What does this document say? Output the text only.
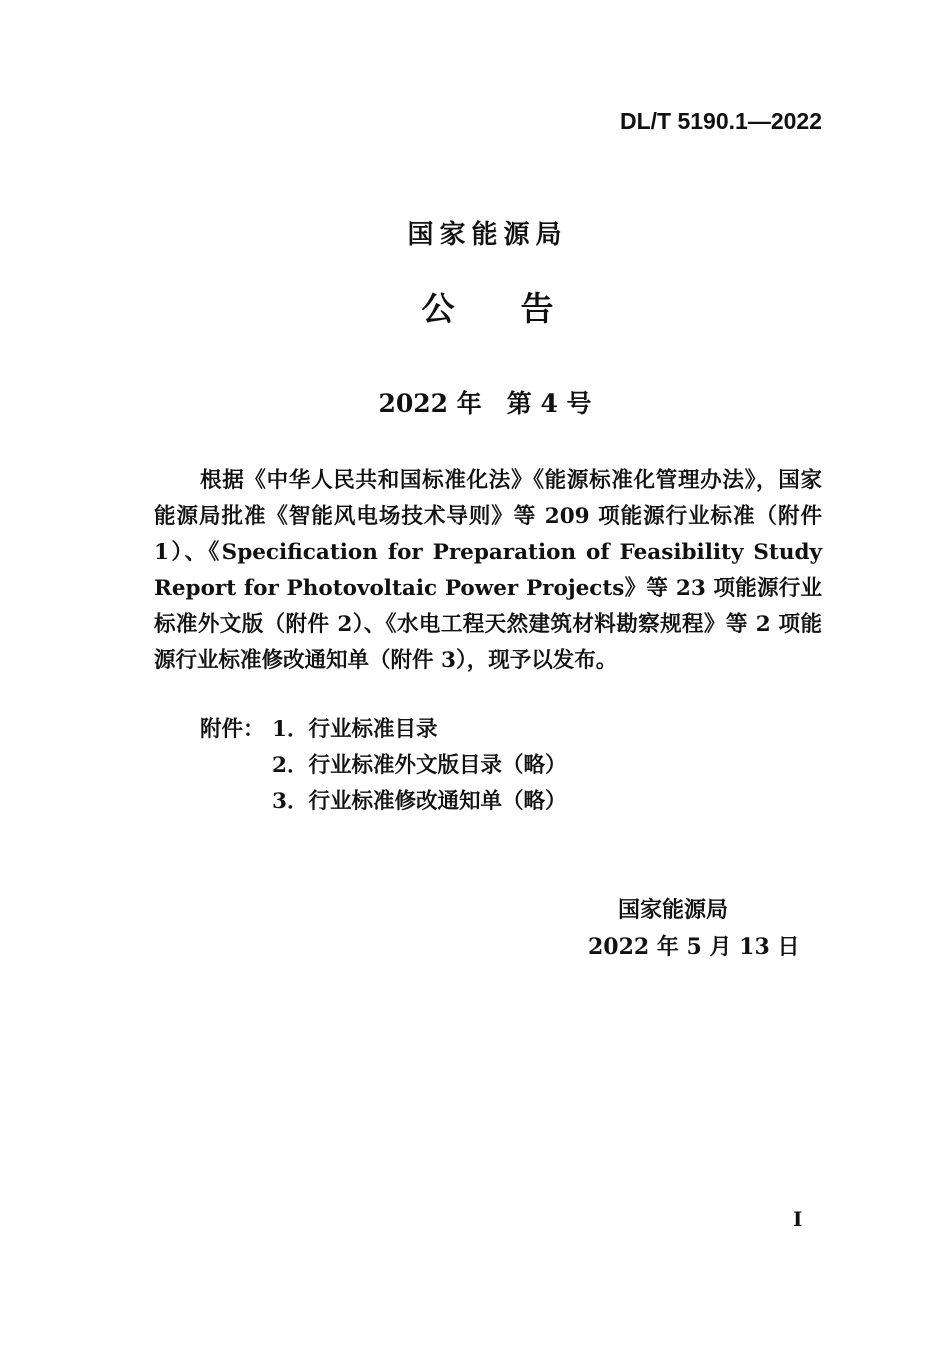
DL/T 5190.1—2022
国家能源局
公 告
2022 年　第 4 号
根据《中华人民共和国标准化法》《能源标准化管理办法》，国家能源局批准《智能风电场技术导则》等 209 项能源行业标准（附件 1）、《Specification for Preparation of Feasibility Study Report for Photovoltaic Power Projects》等 23 项能源行业标准外文版（附件 2）、《水电工程天然建筑材料勘察规程》等 2 项能源行业标准修改通知单（附件 3），现予以发布。
附件： 1．行业标准目录
2．行业标准外文版目录（略）
3．行业标准修改通知单（略）
国家能源局
2022 年 5 月 13 日
I
